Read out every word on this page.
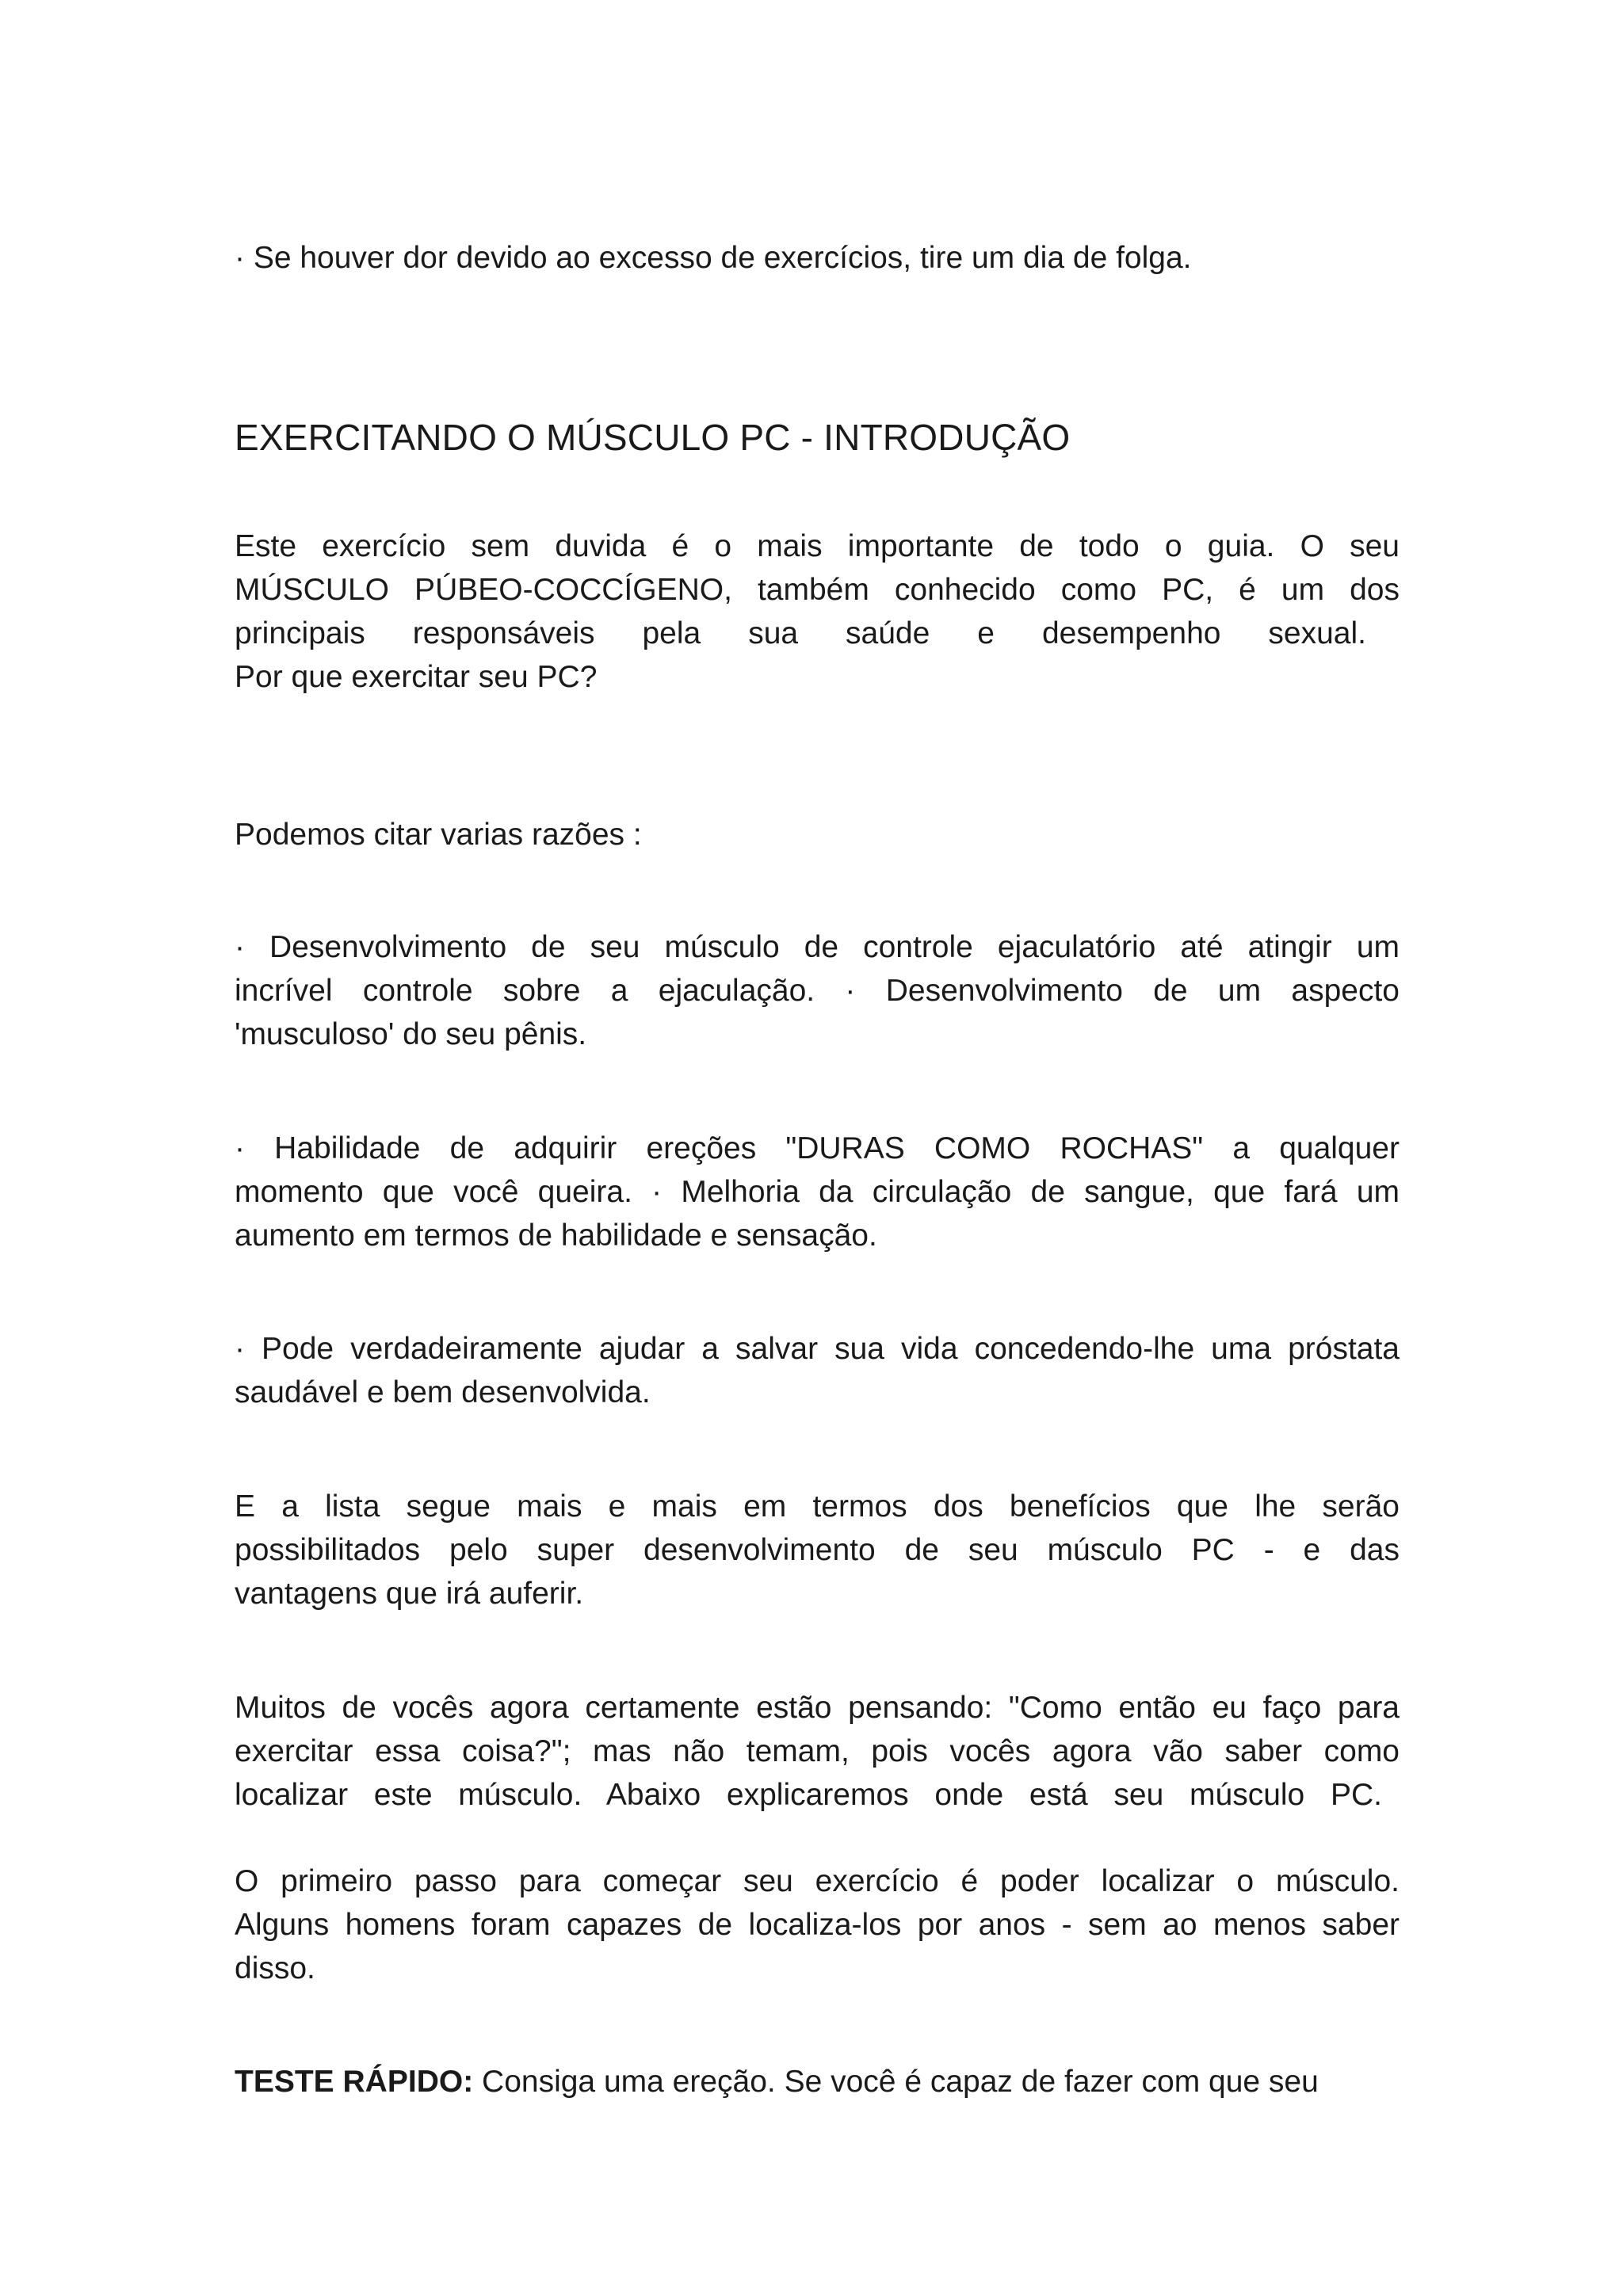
· Se houver dor devido ao excesso de exercícios, tire um dia de folga.

EXERCITANDO O MÚSCULO PC - INTRODUÇÃO

Este exercício sem duvida é o mais importante de todo o guia. O seu
MÚSCULO PÚBEO-COCCÍGENO, também conhecido como PC, é um dos
principais responsáveis pela sua saúde e desempenho sexual.
Por que exercitar seu PC?

Podemos citar varias razões :

· Desenvolvimento de seu músculo de controle ejaculatório até atingir um
incrível controle sobre a ejaculação. · Desenvolvimento de um aspecto
'musculoso' do seu pênis.

· Habilidade de adquirir ereções "DURAS COMO ROCHAS" a qualquer
momento que você queira. · Melhoria da circulação de sangue, que fará um
aumento em termos de habilidade e sensação.

· Pode verdadeiramente ajudar a salvar sua vida concedendo-lhe uma próstata
saudável e bem desenvolvida.

E a lista segue mais e mais em termos dos benefícios que lhe serão
possibilitados pelo super desenvolvimento de seu músculo PC - e das
vantagens que irá auferir.

Muitos de vocês agora certamente estão pensando: "Como então eu faço para
exercitar essa coisa?"; mas não temam, pois vocês agora vão saber como
localizar este músculo. Abaixo explicaremos onde está seu músculo PC.

O primeiro passo para começar seu exercício é poder localizar o músculo.
Alguns homens foram capazes de localiza-los por anos - sem ao menos saber
disso.

TESTE RÁPIDO: Consiga uma ereção. Se você é capaz de fazer com que seu
